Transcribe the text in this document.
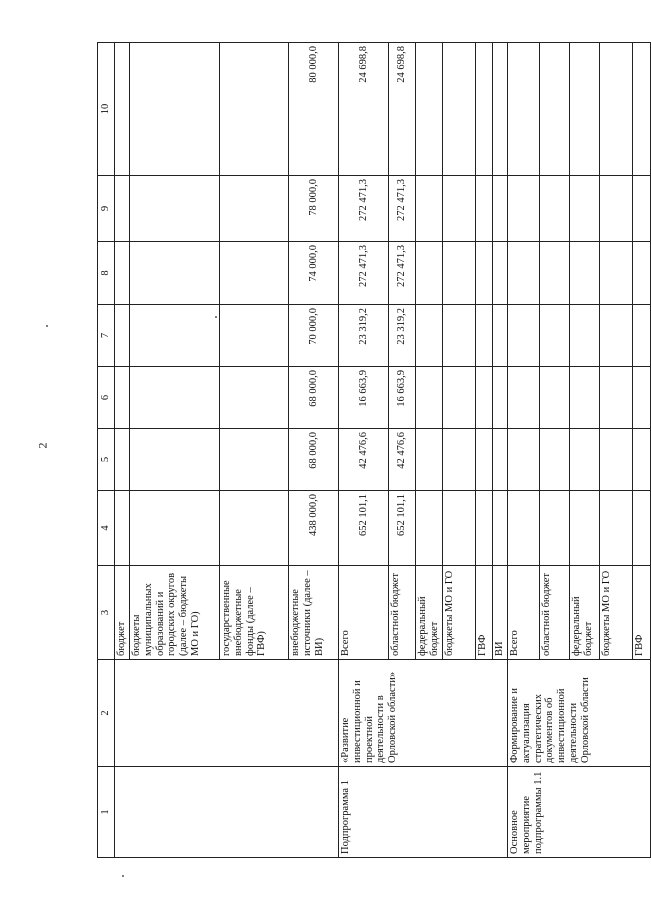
2
1	2	3	4	5	6	7	8	9	10
		бюджет							
		бюджеты муниципальных образований и городских округов (далее – бюджеты МО и ГО)							
		государственные внебюджетные фонды (далее – ГВФ)							
		внебюджетные источники (далее – ВИ)	438 000,0	68 000,0	68 000,0	70 000,0	74 000,0	78 000,0	80 000,0
Подпрограмма 1	«Развитие инвестиционной и проектной деятельности в Орловской области»	Всего	652 101,1	42 476,6	16 663,9	23 319,2	272 471,3	272 471,3	24 698,8
		областной бюджет	652 101,1	42 476,6	16 663,9	23 319,2	272 471,3	272 471,3	24 698,8
		федеральный бюджет							
		бюджеты МО и ГО							
		ГВФ							
		ВИ							
Основное мероприятие подпрограммы 1.1	Формирование и актуализация стратегических документов об инвестиционной деятельности Орловской области	Всего							
		областной бюджет							
		федеральный бюджет							
		бюджеты МО и ГО							
		ГВФ							
